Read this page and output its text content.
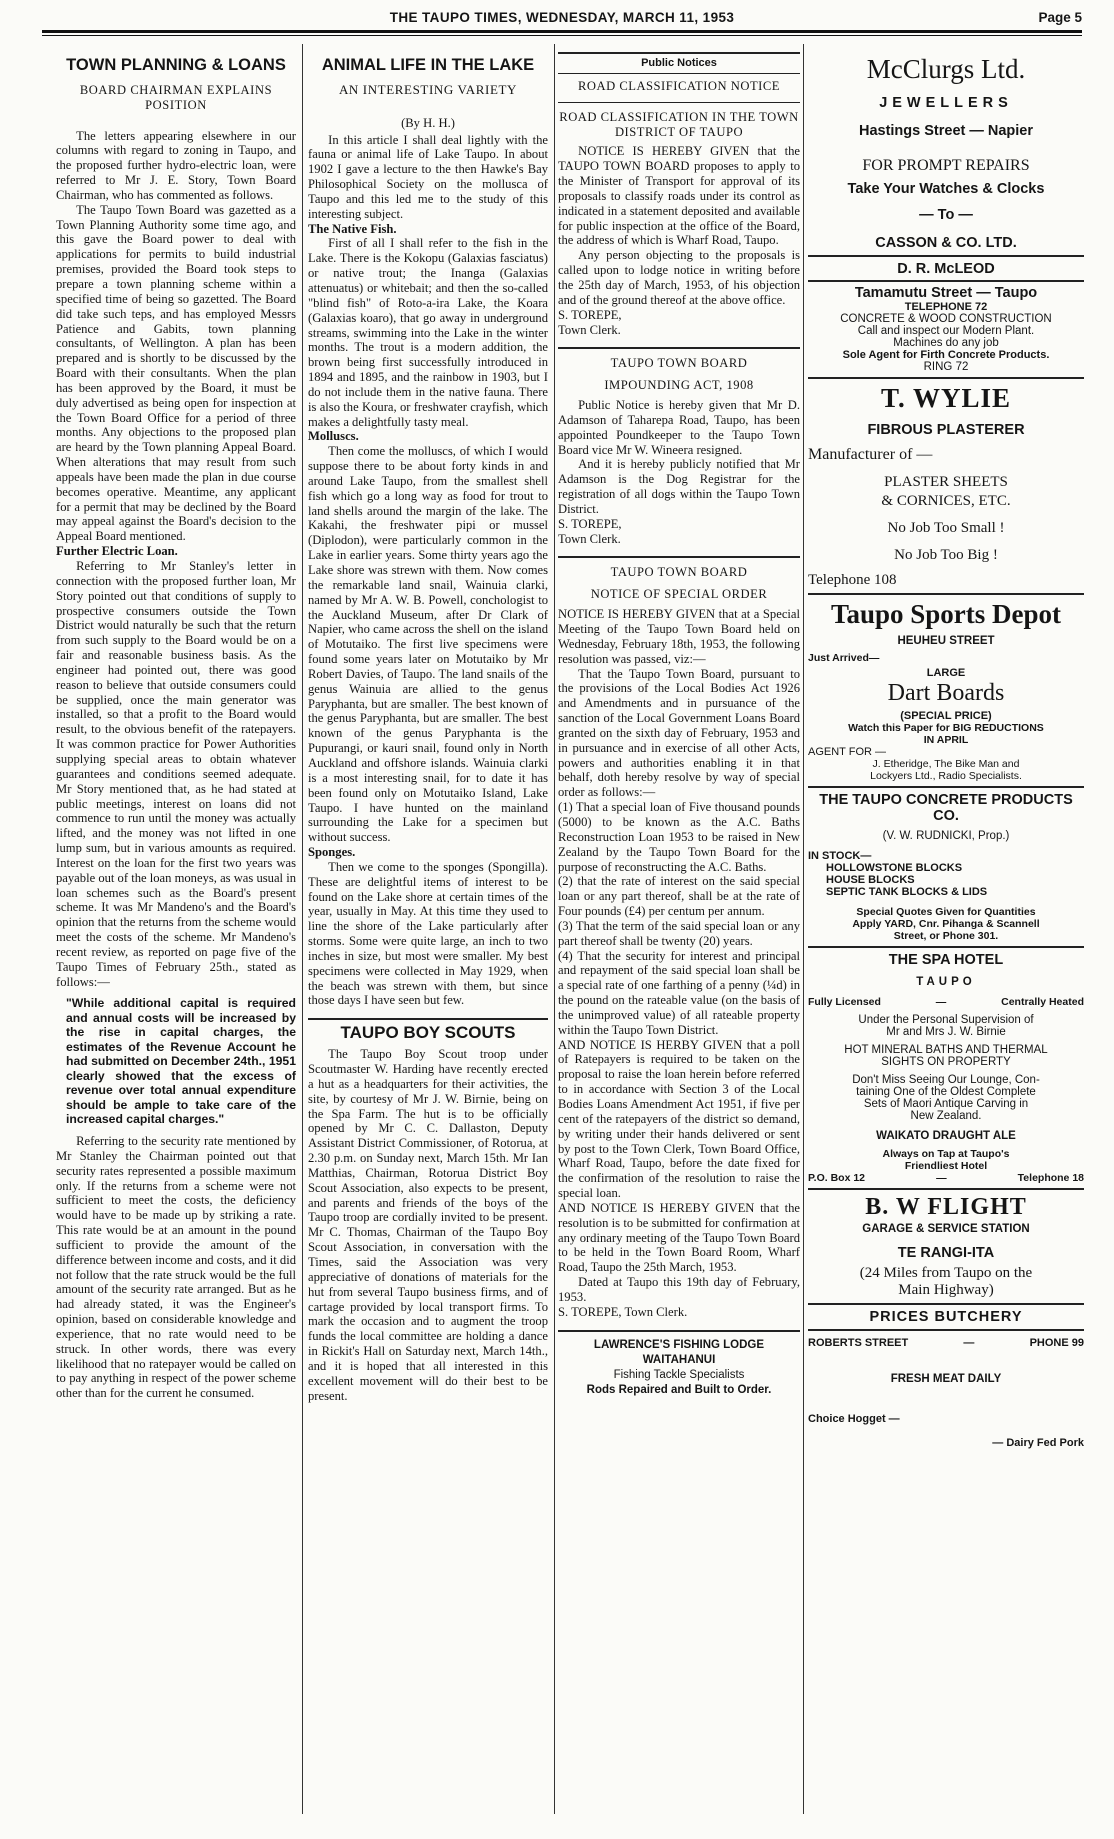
THE TAUPO TIMES, WEDNESDAY, MARCH 11, 1953	Page 5
TOWN PLANNING & LOANS
BOARD CHAIRMAN EXPLAINS POSITION

The letters appearing elsewhere in our columns with regard to zoning in Taupo, and the proposed further hydro-electric loan, were referred to Mr J. E. Story, Town Board Chairman, who has commented as follows.

The Taupo Town Board was gazetted as a Town Planning Authority some time ago, and this gave the Board power to deal with applications for permits to build industrial premises, provided the Board took steps to prepare a town planning scheme within a specified time of being so gazetted. The Board did take such teps, and has employed Messrs Patience and Gabits, town planning consultants, of Wellington. A plan has been prepared and is shortly to be discussed by the Board with their consultants. When the plan has been approved by the Board, it must be duly advertised as being open for inspection at the Town Board Office for a period of three months. Any objections to the proposed plan are heard by the Town planning Appeal Board. When alterations that may result from such appeals have been made the plan in due course becomes operative. Meantime, any applicant for a permit that may be declined by the Board may appeal against the Board's decision to the Appeal Board mentioned.

Further Electric Loan.

Referring to Mr Stanley's letter in connection with the proposed further loan, Mr Story pointed out that conditions of supply to prospective consumers outside the Town District would naturally be such that the return from such supply to the Board would be on a fair and reasonable business basis. As the engineer had pointed out, there was good reason to believe that outside consumers could be supplied, once the main generator was installed, so that a profit to the Board would result, to the obvious benefit of the ratepayers. It was common practice for Power Authorities supplying special areas to obtain whatever guarantees and conditions seemed adequate. Mr Story mentioned that, as he had stated at public meetings, interest on loans did not commence to run until the money was actually lifted, and the money was not lifted in one lump sum, but in various amounts as required. Interest on the loan for the first two years was payable out of the loan moneys, as was usual in loan schemes such as the Board's present scheme. It was Mr Mandeno's and the Board's opinion that the returns from the scheme would meet the costs of the scheme. Mr Mandeno's recent review, as reported on page five of the Taupo Times of February 25th., stated as follows:—

"While additional capital is required and annual costs will be increased by the rise in capital charges, the estimates of the Revenue Account he had submitted on December 24th., 1951 clearly showed that the excess of revenue over total annual expenditure should be ample to take care of the increased capital charges."

Referring to the security rate mentioned by Mr Stanley the Chairman pointed out that security rates represented a possible maximum only. If the returns from a scheme were not sufficient to meet the costs, the deficiency would have to be made up by striking a rate. This rate would be at an amount in the pound sufficient to provide the amount of the difference between income and costs, and it did not follow that the rate struck would be the full amount of the security rate arranged. But as he had already stated, it was the Engineer's opinion, based on considerable knowledge and experience, that no rate would need to be struck. In other words, there was every likelihood that no ratepayer would be called on to pay anything in respect of the power scheme other than for the current he consumed.

ANIMAL LIFE IN THE LAKE
AN INTERESTING VARIETY
(By H. H.)

In this article I shall deal lightly with the fauna or animal life of Lake Taupo. In about 1902 I gave a lecture to the then Hawke's Bay Philosophical Society on the mollusca of Taupo and this led me to the study of this interesting subject.

The Native Fish.

First of all I shall refer to the fish in the Lake. There is the Kokopu (Galaxias fasciatus) or native trout; the Inanga (Galaxias attenuatus) or whitebait; and then the so-called "blind fish" of Roto-a-ira Lake, the Koara (Galaxias koaro), that go away in underground streams, swimming into the Lake in the winter months. The trout is a modern addition, the brown being first successfully introduced in 1894 and 1895, and the rainbow in 1903, but I do not include them in the native fauna. There is also the Koura, or freshwater crayfish, which makes a delightfully tasty meal.

Molluscs.

Then come the molluscs, of which I would suppose there to be about forty kinds in and around Lake Taupo, from the smallest shell fish which go a long way as food for trout to land shells around the margin of the lake. The Kakahi, the freshwater pipi or mussel (Diplodon), were particularly common in the Lake in earlier years. Some thirty years ago the Lake shore was strewn with them. Now comes the remarkable land snail, Wainuia clarki, named by Mr A. W. B. Powell, conchologist to the Auckland Museum, after Dr Clark of Napier, who came across the shell on the island of Motutaiko. The first live specimens were found some years later on Motutaiko by Mr Robert Davies, of Taupo. The land snails of the genus Wainuia are allied to the genus Paryphanta, but are smaller. The best known of the genus Paryphanta, but are smaller. The best known of the genus Paryphanta is the Pupurangi, or kauri snail, found only in North Auckland and offshore islands. Wainuia clarki is a most interesting snail, for to date it has been found only on Motutaiko Island, Lake Taupo. I have hunted on the mainland surrounding the Lake for a specimen but without success.

Sponges.

Then we come to the sponges (Spongilla). These are delightful items of interest to be found on the Lake shore at certain times of the year, usually in May. At this time they used to line the shore of the Lake particularly after storms. Some were quite large, an inch to two inches in size, but most were smaller. My best specimens were collected in May 1929, when the beach was strewn with them, but since those days I have seen but few.

TAUPO BOY SCOUTS

The Taupo Boy Scout troop under Scoutmaster W. Harding have recently erected a hut as a headquarters for their activities, the site, by courtesy of Mr J. W. Birnie, being on the Spa Farm. The hut is to be officially opened by Mr C. C. Dallaston, Deputy Assistant District Commissioner, of Rotorua, at 2.30 p.m. on Sunday next, March 15th. Mr Ian Matthias, Chairman, Rotorua District Boy Scout Association, also expects to be present, and parents and friends of the boys of the Taupo troop are cordially invited to be present. Mr C. Thomas, Chairman of the Taupo Boy Scout Association, in conversation with the Times, said the Association was very appreciative of donations of materials for the hut from several Taupo business firms, and of cartage provided by local transport firms. To mark the occasion and to augment the troop funds the local committee are holding a dance in Rickit's Hall on Saturday next, March 14th., and it is hoped that all interested in this excellent movement will do their best to be present.

Public Notices
ROAD CLASSIFICATION NOTICE
ROAD CLASSIFICATION IN THE TOWN DISTRICT OF TAUPO

NOTICE IS HEREBY GIVEN that the TAUPO TOWN BOARD proposes to apply to the Minister of Transport for approval of its proposals to classify roads under its control as indicated in a statement deposited and available for public inspection at the office of the Board, the address of which is Wharf Road, Taupo.

Any person objecting to the proposals is called upon to lodge notice in writing before the 25th day of March, 1953, of his objection and of the ground thereof at the above office.

S. TOREPE,

Town Clerk.

TAUPO TOWN BOARD
IMPOUNDING ACT, 1908

Public Notice is hereby given that Mr D. Adamson of Taharepa Road, Taupo, has been appointed Poundkeeper to the Taupo Town Board vice Mr W. Wineera resigned.

And it is hereby publicly notified that Mr Adamson is the Dog Registrar for the registration of all dogs within the Taupo Town District.

S. TOREPE,

Town Clerk.

TAUPO TOWN BOARD
NOTICE OF SPECIAL ORDER

NOTICE IS HEREBY GIVEN that at a Special Meeting of the Taupo Town Board held on Wednesday, February 18th, 1953, the following resolution was passed, viz:—

That the Taupo Town Board, pursuant to the provisions of the Local Bodies Act 1926 and Amendments and in pursuance of the sanction of the Local Government Loans Board granted on the sixth day of February, 1953 and in pursuance and in exercise of all other Acts, powers and authorities enabling it in that behalf, doth hereby resolve by way of special order as follows:—

(1) That a special loan of Five thousand pounds (5000) to be known as the A.C. Baths Reconstruction Loan 1953 to be raised in New Zealand by the Taupo Town Board for the purpose of reconstructing the A.C. Baths.

(2) that the rate of interest on the said special loan or any part thereof, shall be at the rate of Four pounds (£4) per centum per annum.

(3) That the term of the said special loan or any part thereof shall be twenty (20) years.

(4) That the security for interest and principal and repayment of the said special loan shall be a special rate of one farthing of a penny (¼d) in the pound on the rateable value (on the basis of the unimproved value) of all rateable property within the Taupo Town District.

AND NOTICE IS HERBY GIVEN that a poll of Ratepayers is required to be taken on the proposal to raise the loan herein before referred to in accordance with Section 3 of the Local Bodies Loans Amendment Act 1951, if five per cent of the ratepayers of the district so demand, by writing under their hands delivered or sent by post to the Town Clerk, Town Board Office, Wharf Road, Taupo, before the date fixed for the confirmation of the resolution to raise the special loan.

AND NOTICE IS HEREBY GIVEN that the resolution is to be submitted for confirmation at any ordinary meeting of the Taupo Town Board to be held in the Town Board Room, Wharf Road, Taupo the 25th March, 1953.

Dated at Taupo this 19th day of February, 1953.

S. TOREPE, Town Clerk.

LAWRENCE'S FISHING LODGE
WAITAHANUI
Fishing Tackle Specialists
Rods Repaired and Built to Order.
McClurgs Ltd.
JEWELLERS
Hastings Street — Napier
FOR PROMPT REPAIRS
Take Your Watches & Clocks
— To —
CASSON & CO. LTD.
D. R. McLEOD
Tamamutu Street — Taupo
TELEPHONE 72
CONCRETE & WOOD CONSTRUCTION
Call and inspect our Modern Plant.
Machines do any job
Sole Agent for Firth Concrete Products.
RING 72
T. WYLIE
FIBROUS PLASTERER
Manufacturer of —
PLASTER SHEETS
& CORNICES, ETC.
No Job Too Small !
No Job Too Big !
Telephone 108
Taupo Sports Depot
HEUHEU STREET
Just Arrived—
LARGE
Dart Boards
(SPECIAL PRICE)
Watch this Paper for BIG REDUCTIONS
IN APRIL
AGENT FOR —
J. Etheridge, The Bike Man and
Lockyers Ltd., Radio Specialists.
THE TAUPO CONCRETE PRODUCTS CO.
(V. W. RUDNICKI, Prop.)
IN STOCK—
HOLLOWSTONE BLOCKS
HOUSE BLOCKS
SEPTIC TANK BLOCKS & LIDS
Special Quotes Given for Quantities
Apply YARD, Cnr. Pihanga & Scannell
Street, or Phone 301.
THE SPA HOTEL
TAUPO
Fully Licensed	—	Centrally Heated
Under the Personal Supervision of
Mr and Mrs J. W. Birnie
HOT MINERAL BATHS AND THERMAL
SIGHTS ON PROPERTY
Don't Miss Seeing Our Lounge, Con-
taining One of the Oldest Complete
Sets of Maori Antique Carving in
New Zealand.
WAIKATO DRAUGHT ALE
Always on Tap at Taupo's
Friendliest Hotel
P.O. Box 12	—	Telephone 18
B. W FLIGHT
GARAGE & SERVICE STATION
TE RANGI-ITA
(24 Miles from Taupo on the
Main Highway)
PRICES BUTCHERY
ROBERTS STREET	—	PHONE 99
FRESH MEAT DAILY
Choice Hogget —
— Dairy Fed Pork
